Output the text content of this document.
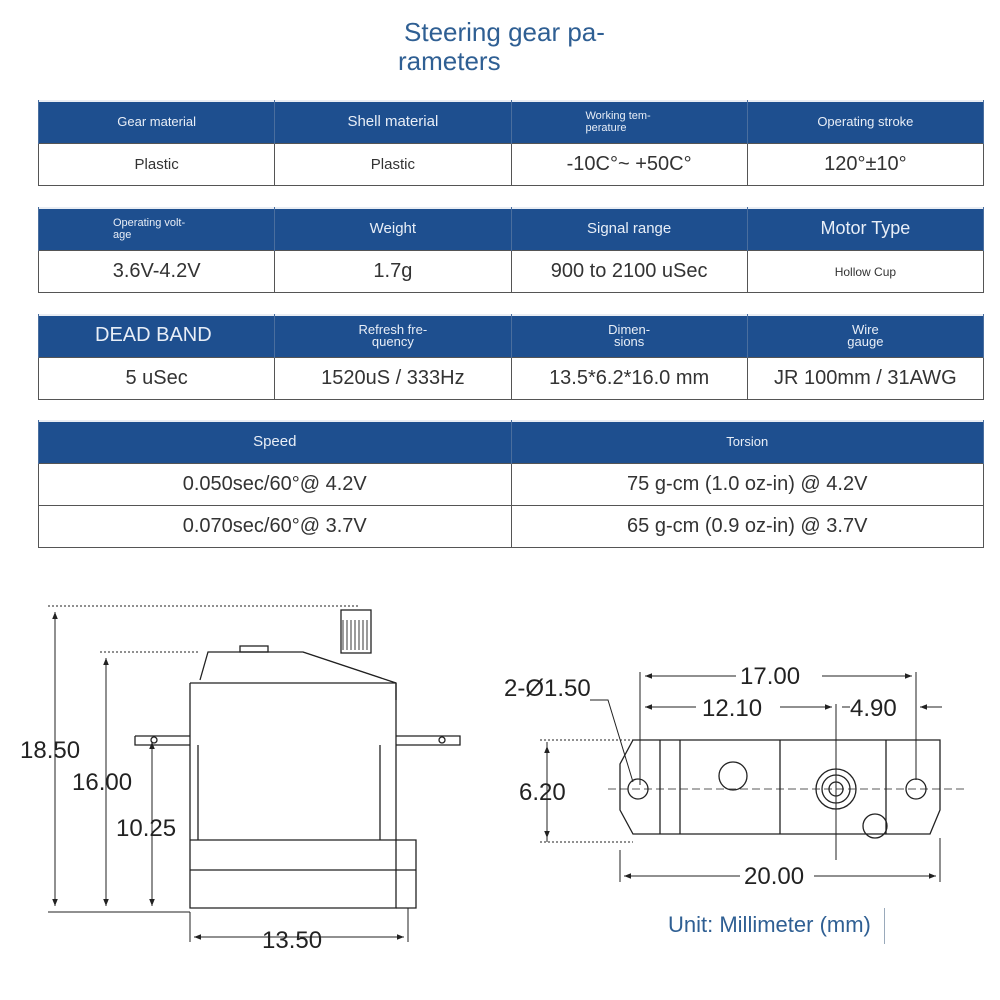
Steering gear pa-
rameters
Gear material	Shell material	Working tem-
perature	Operating stroke
Plastic	Plastic	-10C°~ +50C°	120°±10°
Operating volt-
age	Weight	Signal range	Motor Type
3.6V-4.2V	1.7g	900 to 2100 uSec	Hollow Cup
DEAD BAND	Refresh fre-
quency	Dimen-
sions	Wire
gauge
5 uSec	1520uS / 333Hz	13.5*6.2*16.0 mm	JR 100mm / 31AWG
Speed	Torsion
0.050sec/60°@ 4.2V	75 g-cm (1.0 oz-in) @ 4.2V
0.070sec/60°@ 3.7V	65 g-cm (0.9 oz-in) @ 3.7V
18.50
16.00
10.25
13.50
17.00
12.10	4.90
2-Ø1.50
6.20
20.00
Unit: Millimeter (mm)
